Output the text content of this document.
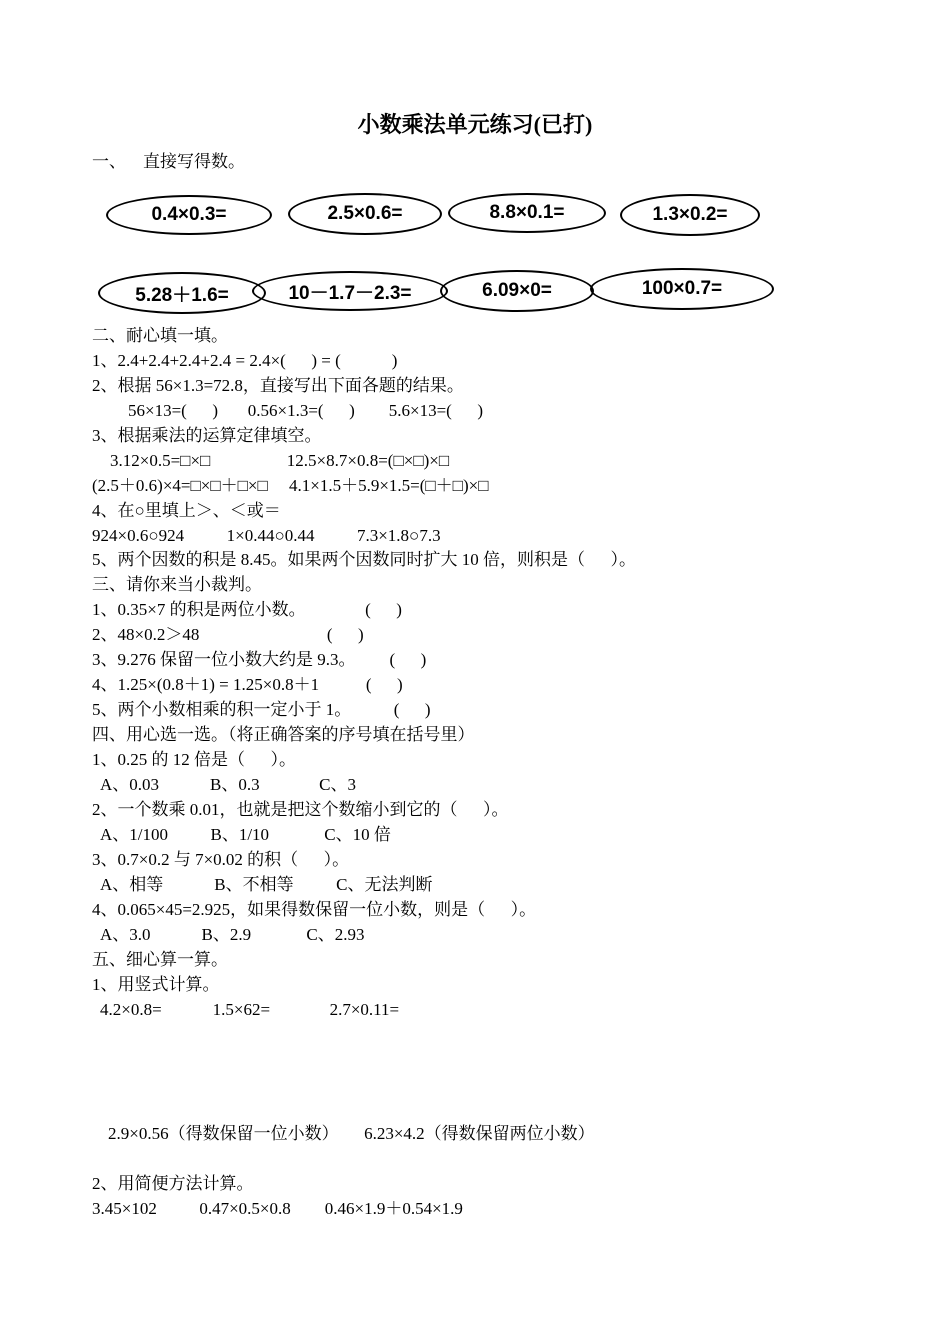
小数乘法单元练习(已打)
一、    直接写得数。
0.4×0.3=	2.5×0.6=	8.8×0.1=	1.3×0.2=
5.28＋1.6=	10－1.7－2.3=	6.09×0=	100×0.7=
二、耐心填一填。
1、2.4+2.4+2.4+2.4 = 2.4×(      ) = (            )
2、根据 56×1.3=72.8，直接写出下面各题的结果。
56×13=(      )       0.56×1.3=(      )        5.6×13=(      )
3、根据乘法的运算定律填空。
3.12×0.5=□×□                  12.5×8.7×0.8=(□×□)×□
(2.5＋0.6)×4=□×□＋□×□     4.1×1.5＋5.9×1.5=(□＋□)×□
4、在○里填上＞、＜或＝
924×0.6○924          1×0.44○0.44          7.3×1.8○7.3
5、两个因数的积是 8.45。如果两个因数同时扩大 10 倍，则积是（      ）。
三、请你来当小裁判。
1、0.35×7 的积是两位小数。              (      )
2、48×0.2＞48                              (      )
3、9.276 保留一位小数大约是 9.3。        (      )
4、1.25×(0.8＋1) = 1.25×0.8＋1           (      )
5、两个小数相乘的积一定小于 1。          (      )
四、用心选一选。（将正确答案的序号填在括号里）
1、0.25 的 12 倍是（      ）。
A、0.03            B、0.3              C、3
2、一个数乘 0.01，也就是把这个数缩小到它的（      ）。
A、1/100          B、1/10             C、10 倍
3、0.7×0.2 与 7×0.02 的积（      ）。
A、相等            B、不相等          C、无法判断
4、0.065×45=2.925，如果得数保留一位小数，则是（      ）。
A、3.0            B、2.9             C、2.93
五、细心算一算。
1、用竖式计算。
4.2×0.8=            1.5×62=              2.7×0.11=
2.9×0.56（得数保留一位小数）      6.23×4.2（得数保留两位小数）
2、用简便方法计算。
3.45×102          0.47×0.5×0.8        0.46×1.9＋0.54×1.9
